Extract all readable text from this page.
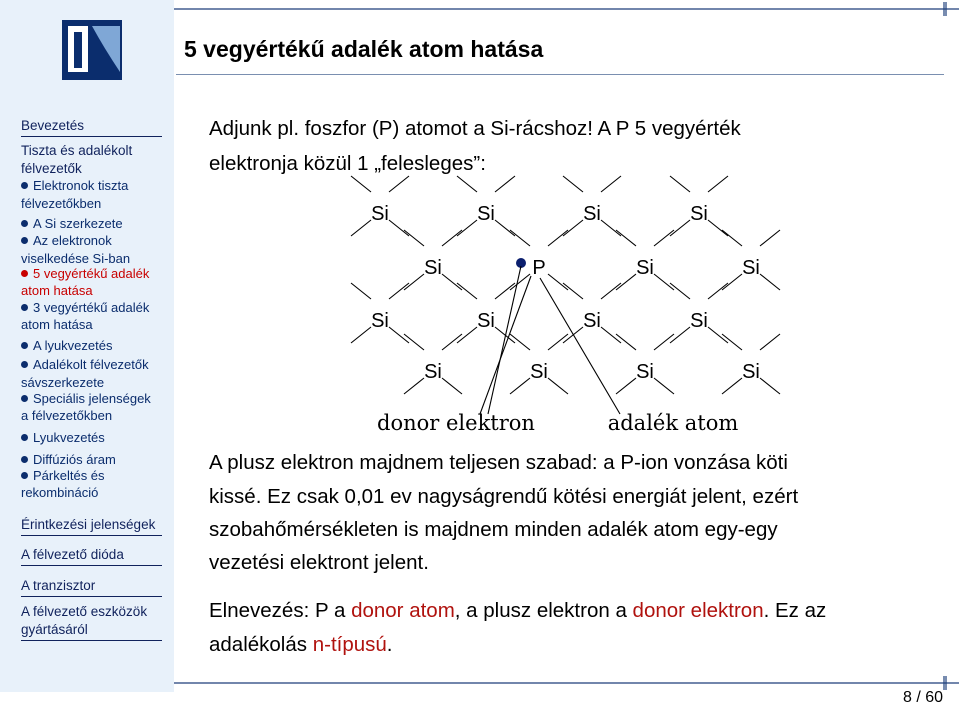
Bevezetés
Tiszta és adalékolt
félvezetők
Elektronok tiszta
félvezetőkben
A Si szerkezete
Az elektronok
viselkedése Si-ban
5 vegyértékű adalék
atom hatása
3 vegyértékű adalék
atom hatása
A lyukvezetés
Adalékolt félvezetők
sávszerkezete
Speciális jelenségek
a félvezetőkben
Lyukvezetés
Diffúziós áram
Párkeltés és
rekombináció
Érintkezési jelenségek
A félvezető dióda
A tranzisztor
A félvezető eszközök
gyártásáról
5 vegyértékű adalék atom hatása
Adjunk pl. foszfor (P) atomot a Si-rácshoz! A P 5 vegyérték
elektronja közül 1 „felesleges”:
Si	Si	Si	Si
Si	P	Si	Si
Si	Si	Si	Si
Si	Si	Si	Si
donor elektron	adalék atom
A plusz elektron majdnem teljesen szabad: a P-ion vonzása köti
kissé. Ez csak 0,01 ev nagyságrendű kötési energiát jelent, ezért
szobahőmérsékleten is majdnem minden adalék atom egy-egy
vezetési elektront jelent.
Elnevezés: P a donor atom, a plusz elektron a donor elektron. Ez az
adalékolás n-típusú.
8 / 60
